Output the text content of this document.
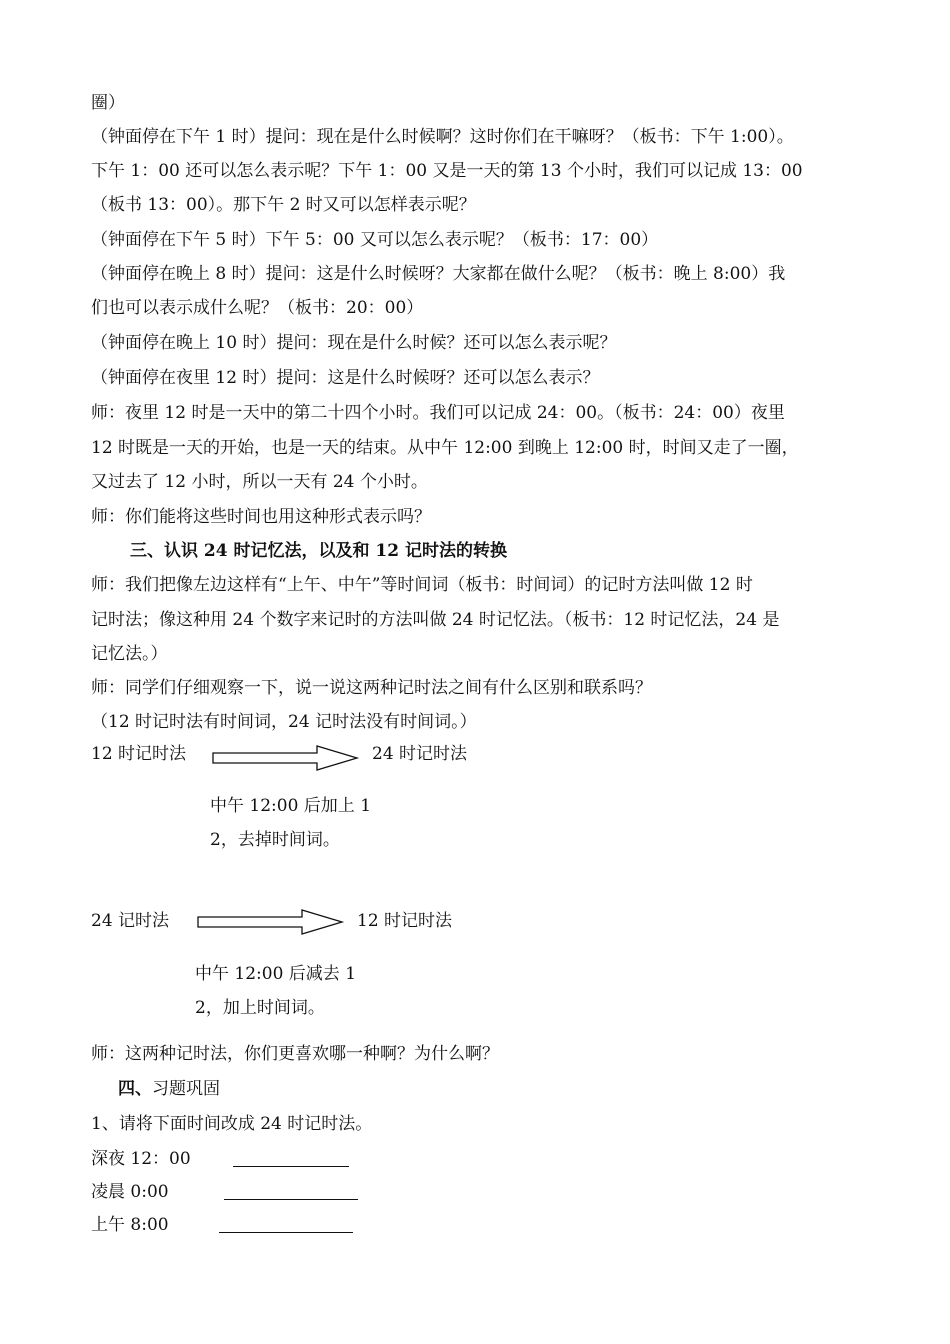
圈）
（钟面停在下午 1 时）提问：现在是什么时候啊？这时你们在干嘛呀？（板书：下午 1:00）。
下午 1：00 还可以怎么表示呢？下午 1：00 又是一天的第 13 个小时，我们可以记成 13：00
（板书 13：00）。那下午 2 时又可以怎样表示呢？
（钟面停在下午 5 时）下午 5：00 又可以怎么表示呢？（板书：17：00）
（钟面停在晚上 8 时）提问：这是什么时候呀？大家都在做什么呢？（板书：晚上 8:00）我
们也可以表示成什么呢？（板书：20：00）
（钟面停在晚上 10 时）提问：现在是什么时候？还可以怎么表示呢？
（钟面停在夜里 12 时）提问：这是什么时候呀？还可以怎么表示？
师：夜里 12 时是一天中的第二十四个小时。我们可以记成 24：00。（板书：24：00）夜里
12 时既是一天的开始，也是一天的结束。从中午 12:00 到晚上 12:00 时，时间又走了一圈，
又过去了 12 小时，所以一天有 24 个小时。
师：你们能将这些时间也用这种形式表示吗？
三、认识 24 时记忆法，以及和 12 记时法的转换
师：我们把像左边这样有“上午、中午”等时间词（板书：时间词）的记时方法叫做 12 时
记时法；像这种用 24 个数字来记时的方法叫做 24 时记忆法。（板书：12 时记忆法，24 是
记忆法。）
师：同学们仔细观察一下，说一说这两种记时法之间有什么区别和联系吗？
（12 时记时法有时间词，24 记时法没有时间词。）
12 时记时法	24 时记时法
中午 12:00 后加上 1
2，去掉时间词。
24 记时法	12 时记时法
中午 12:00 后减去 1
2，加上时间词。
师：这两种记时法，你们更喜欢哪一种啊？为什么啊？
四、习题巩固
1、请将下面时间改成 24 时记时法。
深夜 12：00
凌晨 0:00
上午 8:00
